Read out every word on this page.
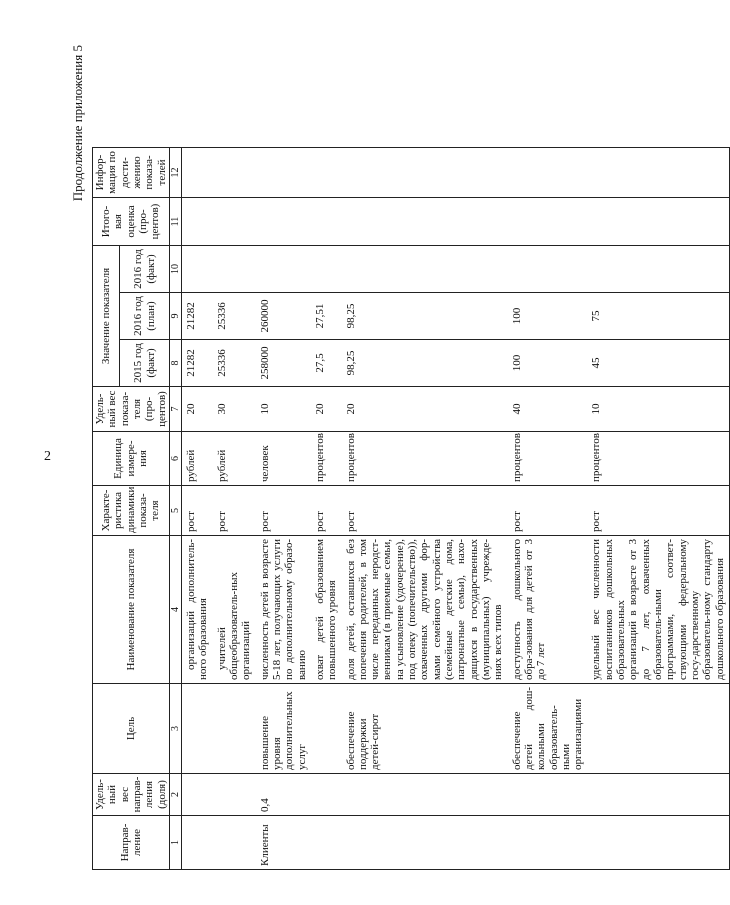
2
Продолжение приложения 5
Направ-ление	Удель-ный вес направ-ления (доля)	Цель	Наименование показателя	Характе-ристика динамики показа-теля	Единица измере-ния	Удель-ный вес показа-теля (про-центов)	Значение показателя			Итого-вая оценка (про-центов)	Инфор-мация по дости-жению показа-телей	
							2015 год (факт)	2016 год (план)	2016 год (факт)			
1	2	3	4	5	6	7	8	9	10	11	12	
			организаций дополнитель-ного образования	рост	рублей	20	21282	21282				
			учителей общеобразователь-ных организаций	рост	рублей	30	25336	25336				
Клиенты	0,4	повышение уровня дополнительных услуг	численность детей в возрасте 5-18 лет, получающих услуги по дополнительному образо-ванию	рост	человек	10	258000	260000				
			охват детей образованием повышенного уровня	рост	процентов	20	27,5	27,51				
		обеспечение поддержки детей-сирот	доля детей, оставшихся без попечения родителей, в том числе переданных неродст-венникам (в приемные семьи, на усыновление (удочерение), под опеку (попечительство)), охваченных другими фор-мами семейного устройства (семейные детские дома, патронатные семьи), нахо-дящихся в государственных (муниципальных) учрежде-ниях всех типов	рост	процентов	20	98,25	98,25				
		обеспечение детей дош-кольными образователь-ными организациями	доступность дошкольного обра-зования для детей от 3 до 7 лет	рост	процентов	40	100	100				
			удельный вес численности воспитанников дошкольных образовательных организаций в возрасте от 3 до 7 лет, охваченных образователь-ными программами, соответ-ствующими федеральному госу-дарственному образователь-ному стандарту дошкольного образования	рост	процентов	10	45	75				
